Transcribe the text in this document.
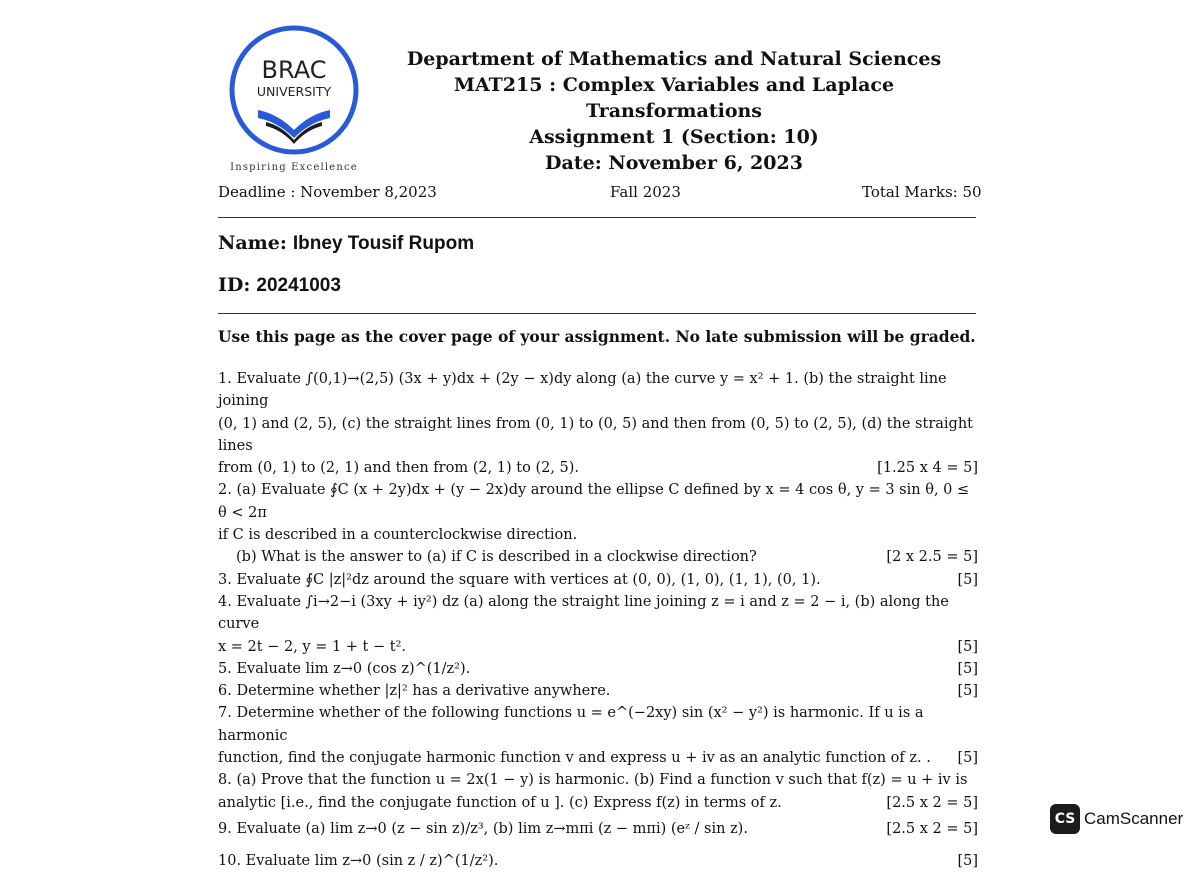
BRAC
UNIVERSITY
Inspiring Excellence
Department of Mathematics and Natural Sciences
MAT215 : Complex Variables and Laplace Transformations
Assignment 1 (Section: 10)
Date: November 6, 2023
Deadline : November 8,2023	Fall 2023	Total Marks: 50
Name: Ibney Tousif Rupom
ID: 20241003
Use this page as the cover page of your assignment. No late submission will be graded.
1. Evaluate ∫(0,1)→(2,5) (3x + y)dx + (2y − x)dy along (a) the curve y = x² + 1. (b) the straight line joining
(0, 1) and (2, 5), (c) the straight lines from (0, 1) to (0, 5) and then from (0, 5) to (2, 5), (d) the straight lines
from (0, 1) to (2, 1) and then from (2, 1) to (2, 5).	[1.25 x 4 = 5]
2. (a) Evaluate ∮C (x + 2y)dx + (y − 2x)dy around the ellipse C defined by x = 4 cos θ, y = 3 sin θ, 0 ≤ θ < 2π
if C is described in a counterclockwise direction.
(b) What is the answer to (a) if C is described in a clockwise direction?	[2 x 2.5 = 5]
3. Evaluate ∮C |z|²dz around the square with vertices at (0, 0), (1, 0), (1, 1), (0, 1).	[5]
4. Evaluate ∫i→2−i (3xy + iy²) dz (a) along the straight line joining z = i and z = 2 − i, (b) along the curve
x = 2t − 2, y = 1 + t − t².	[5]
5. Evaluate lim z→0 (cos z)^(1/z²).	[5]
6. Determine whether |z|² has a derivative anywhere.	[5]
7. Determine whether of the following functions u = e^(−2xy) sin (x² − y²) is harmonic. If u is a harmonic
function, find the conjugate harmonic function v and express u + iv as an analytic function of z. .	[5]
8. (a) Prove that the function u = 2x(1 − y) is harmonic. (b) Find a function v such that f(z) = u + iv is
analytic [i.e., find the conjugate function of u ]. (c) Express f(z) in terms of z.	[2.5 x 2 = 5]
9. Evaluate (a) lim z→0 (z − sin z)/z³, (b) lim z→mπi (z − mπi) (eᶻ / sin z).	[2.5 x 2 = 5]
10. Evaluate lim z→0 (sin z / z)^(1/z²).	[5]
CS CamScanner
